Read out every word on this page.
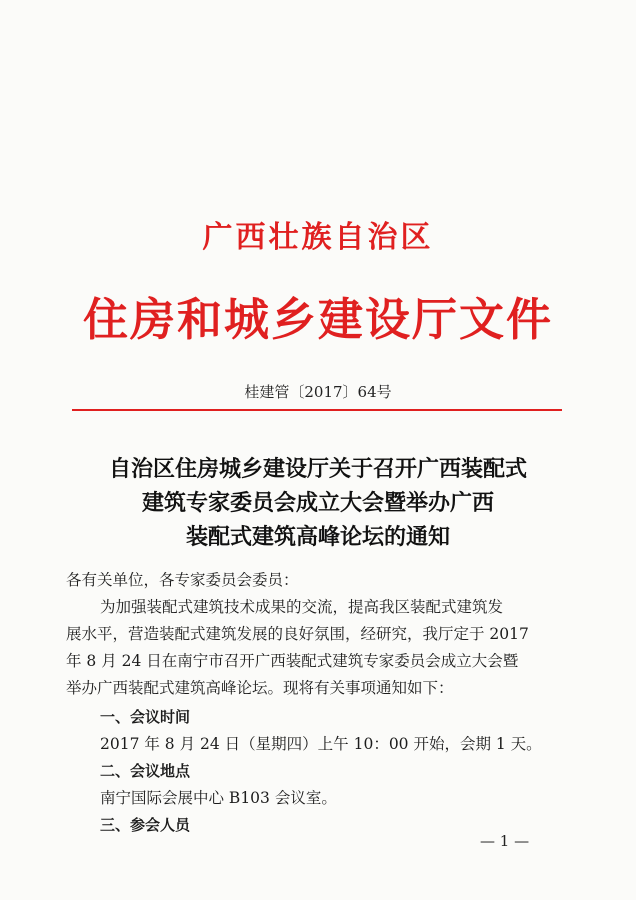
广西壮族自治区
住房和城乡建设厅文件
桂建管〔2017〕64号
自治区住房城乡建设厅关于召开广西装配式
建筑专家委员会成立大会暨举办广西
装配式建筑高峰论坛的通知
各有关单位，各专家委员会委员：
为加强装配式建筑技术成果的交流，提高我区装配式建筑发
展水平，营造装配式建筑发展的良好氛围，经研究，我厅定于 2017
年 8 月 24 日在南宁市召开广西装配式建筑专家委员会成立大会暨
举办广西装配式建筑高峰论坛。现将有关事项通知如下：
一、会议时间
2017 年 8 月 24 日（星期四）上午 10：00 开始，会期 1 天。
二、会议地点
南宁国际会展中心 B103 会议室。
三、参会人员
— 1 —
